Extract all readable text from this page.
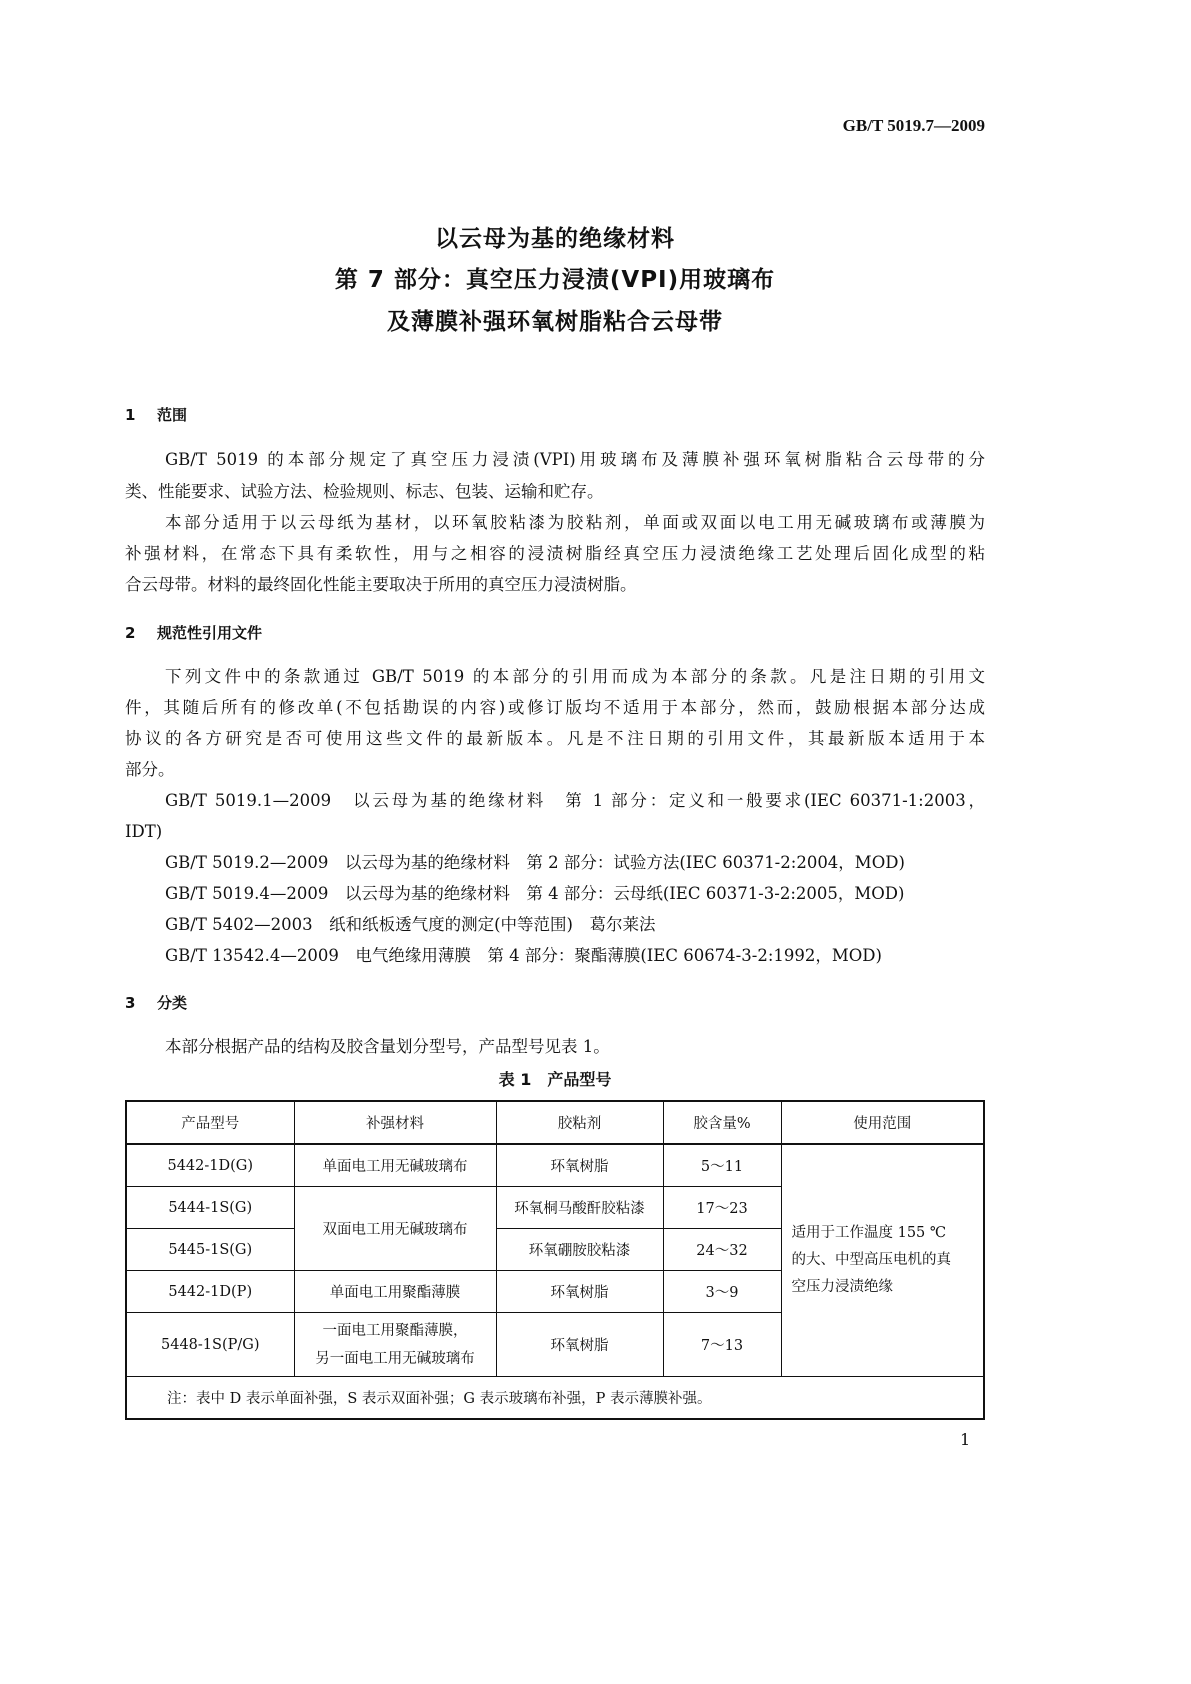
GB/T 5019.7—2009
以云母为基的绝缘材料
第 7 部分：真空压力浸渍(VPI)用玻璃布
及薄膜补强环氧树脂粘合云母带
1 范围
GB/T 5019 的本部分规定了真空压力浸渍(VPI)用玻璃布及薄膜补强环氧树脂粘合云母带的分
类、性能要求、试验方法、检验规则、标志、包装、运输和贮存。
本部分适用于以云母纸为基材，以环氧胶粘漆为胶粘剂，单面或双面以电工用无碱玻璃布或薄膜为
补强材料，在常态下具有柔软性，用与之相容的浸渍树脂经真空压力浸渍绝缘工艺处理后固化成型的粘
合云母带。材料的最终固化性能主要取决于所用的真空压力浸渍树脂。
2 规范性引用文件
下列文件中的条款通过 GB/T 5019 的本部分的引用而成为本部分的条款。凡是注日期的引用文
件，其随后所有的修改单(不包括勘误的内容)或修订版均不适用于本部分，然而，鼓励根据本部分达成
协议的各方研究是否可使用这些文件的最新版本。凡是不注日期的引用文件，其最新版本适用于本
部分。
GB/T 5019.1—2009　以云母为基的绝缘材料　第 1 部分：定义和一般要求(IEC 60371-1:2003，
IDT)
GB/T 5019.2—2009　以云母为基的绝缘材料　第 2 部分：试验方法(IEC 60371-2:2004，MOD)
GB/T 5019.4—2009　以云母为基的绝缘材料　第 4 部分：云母纸(IEC 60371-3-2:2005，MOD)
GB/T 5402—2003　纸和纸板透气度的测定(中等范围)　葛尔莱法
GB/T 13542.4—2009　电气绝缘用薄膜　第 4 部分：聚酯薄膜(IEC 60674-3-2:1992，MOD)
3 分类
本部分根据产品的结构及胶含量划分型号，产品型号见表 1。
表 1　产品型号
产品型号	补强材料	胶粘剂	胶含量%	使用范围
5442-1D(G)	单面电工用无碱玻璃布	环氧树脂	5～11	适用于工作温度 155 ℃
的大、中型高压电机的真
空压力浸渍绝缘

5444-1S(G)	双面电工用无碱玻璃布	环氧桐马酸酐胶粘漆	17～23	
5445-1S(G)		环氧硼胺胶粘漆	24～32	
5442-1D(P)	单面电工用聚酯薄膜	环氧树脂	3～9	
5448-1S(P/G)	一面电工用聚酯薄膜，
另一面电工用无碱玻璃布	环氧树脂	7～13	
注：表中 D 表示单面补强，S 表示双面补强；G 表示玻璃布补强，P 表示薄膜补强。				
1
